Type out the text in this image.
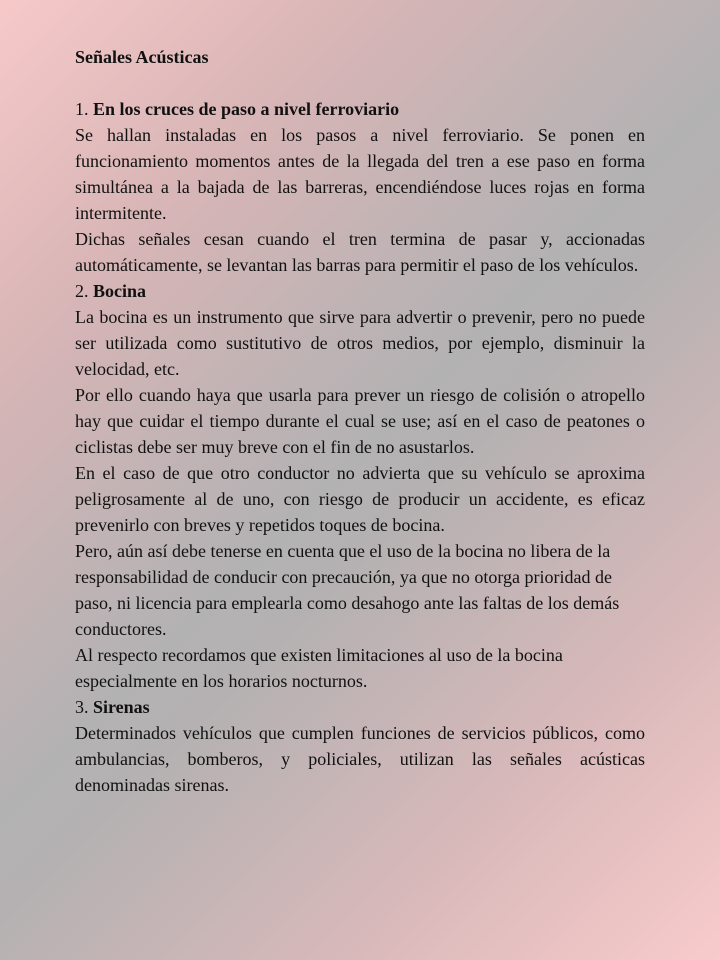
Señales Acústicas

1. En los cruces de paso a nivel ferroviario

Se hallan instaladas en los pasos a nivel ferroviario. Se ponen en funcionamiento momentos antes de la llegada del tren a ese paso en forma simultánea a la bajada de las barreras, encendiéndose luces rojas en forma intermitente.

Dichas señales cesan cuando el tren termina de pasar y, accionadas automáticamente, se levantan las barras para permitir el paso de los vehículos.

2. Bocina

La bocina es un instrumento que sirve para advertir o prevenir, pero no puede ser utilizada como sustitutivo de otros medios, por ejemplo, disminuir la velocidad, etc.

Por ello cuando haya que usarla para prever un riesgo de colisión o atropello hay que cuidar el tiempo durante el cual se use; así en el caso de peatones o ciclistas debe ser muy breve con el fin de no asustarlos.

En el caso de que otro conductor no advierta que su vehículo se aproxima peligrosamente al de uno, con riesgo de producir un accidente, es eficaz prevenirlo con breves y repetidos toques de bocina.

Pero, aún así debe tenerse en cuenta que el uso de la bocina no libera de la responsabilidad de conducir con precaución, ya que no otorga prioridad de paso, ni licencia para emplearla como desahogo ante las faltas de los demás conductores.

Al respecto recordamos que existen limitaciones al uso de la bocina especialmente en los horarios nocturnos.

3. Sirenas

Determinados vehículos que cumplen funciones de servicios públicos, como ambulancias, bomberos, y policiales, utilizan las señales acústicas denominadas sirenas.
